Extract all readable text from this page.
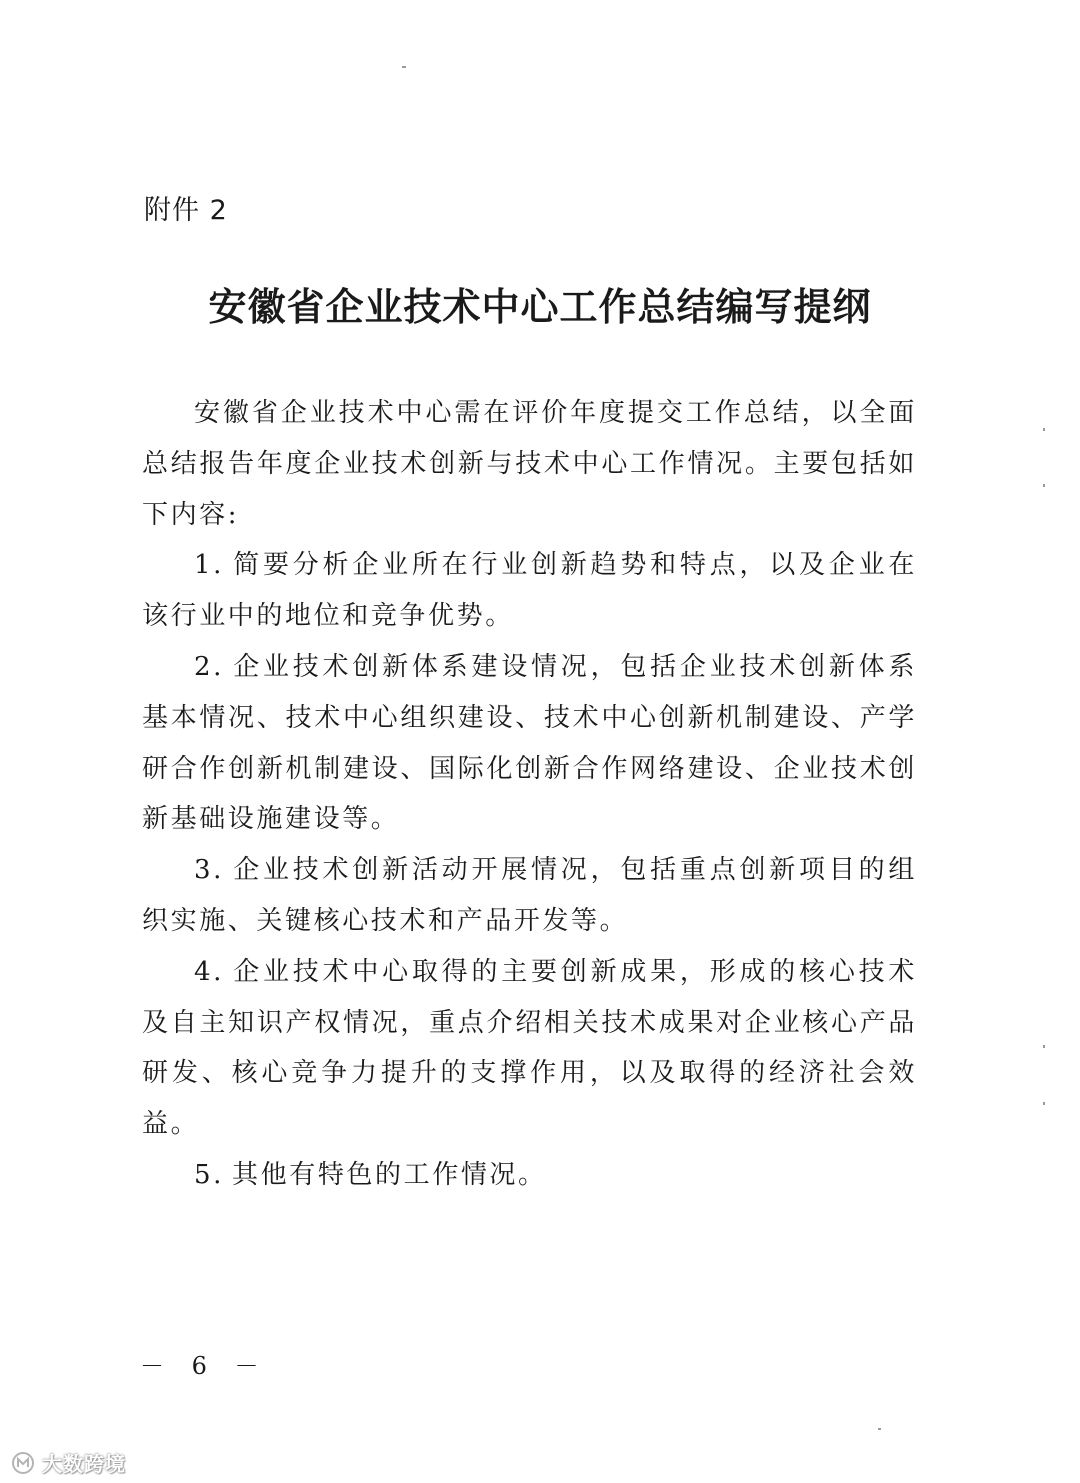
附件 2
安徽省企业技术中心工作总结编写提纲

安徽省企业技术中心需在评价年度提交工作总结，以全面总结报告年度企业技术创新与技术中心工作情况。主要包括如下内容:

1. 简要分析企业所在行业创新趋势和特点，以及企业在该行业中的地位和竞争优势。

2. 企业技术创新体系建设情况，包括企业技术创新体系基本情况、技术中心组织建设、技术中心创新机制建设、产学研合作创新机制建设、国际化创新合作网络建设、企业技术创新基础设施建设等。

3. 企业技术创新活动开展情况，包括重点创新项目的组织实施、关键核心技术和产品开发等。

4. 企业技术中心取得的主要创新成果，形成的核心技术及自主知识产权情况，重点介绍相关技术成果对企业核心产品研发、核心竞争力提升的支撑作用，以及取得的经济社会效益。

5. 其他有特色的工作情况。

－ 6 －
大数跨境
